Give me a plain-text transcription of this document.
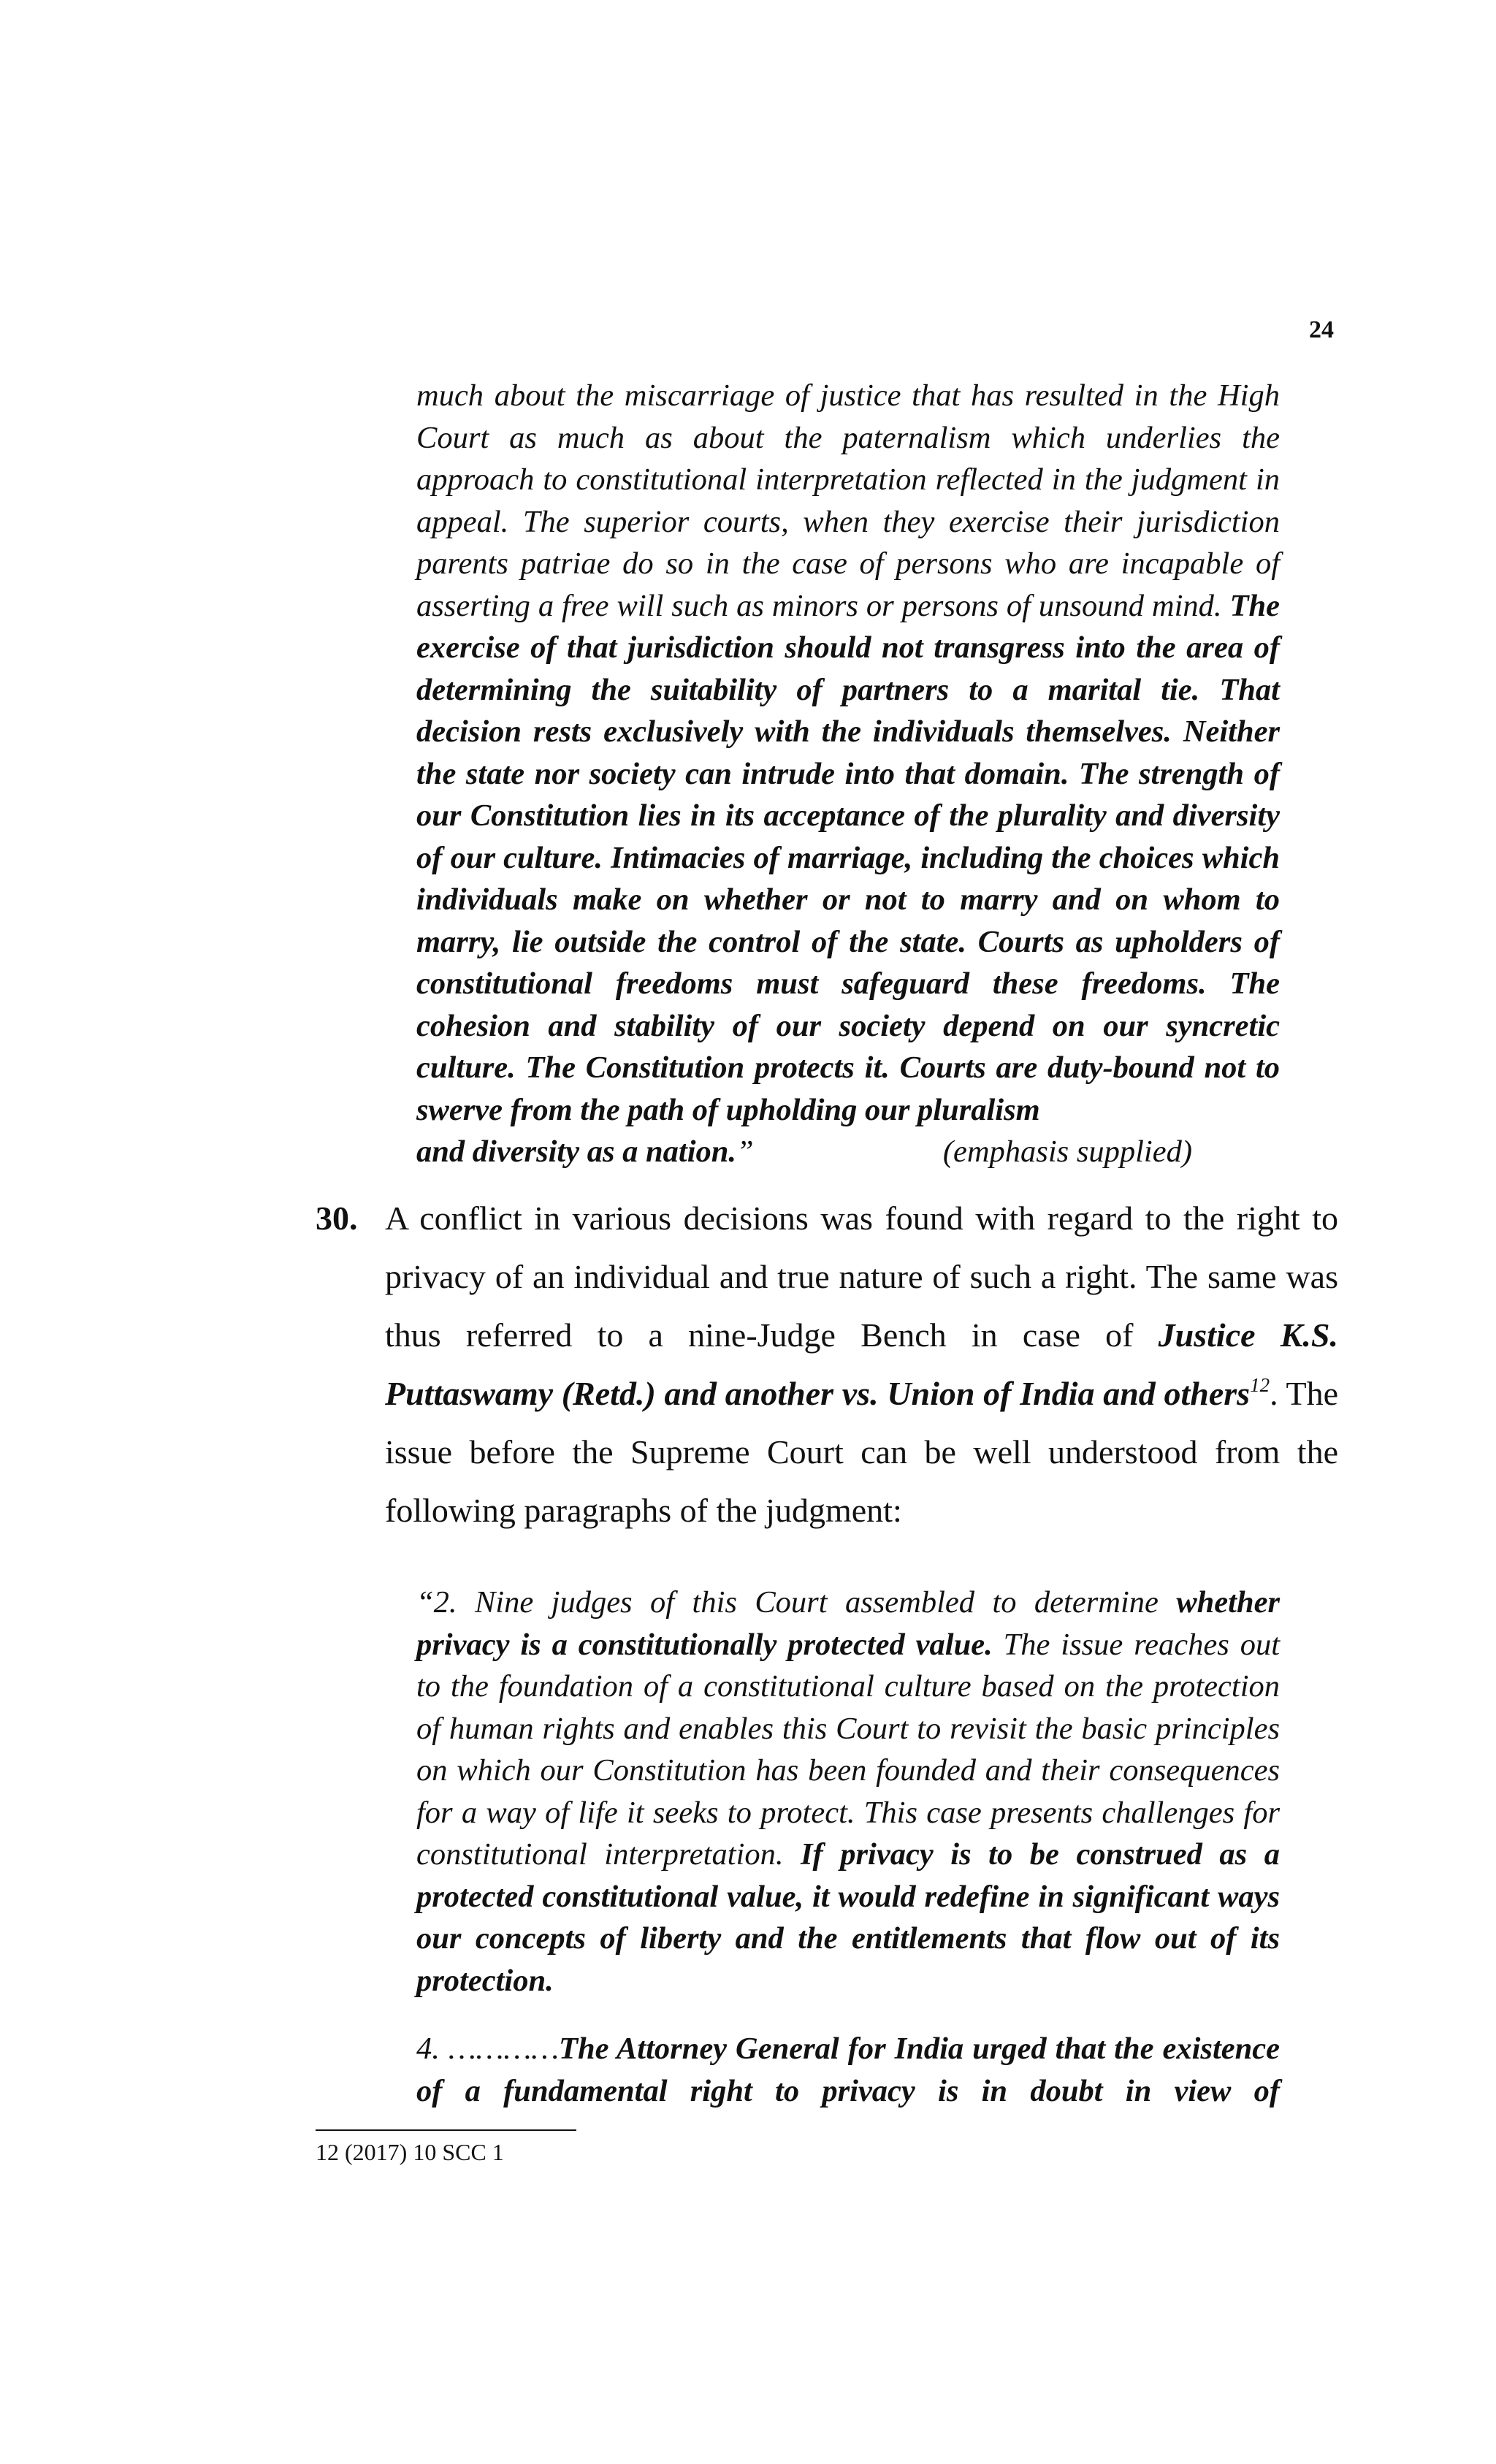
24
much about the miscarriage of justice that has resulted in the High Court as much as about the paternalism which underlies the approach to constitutional interpretation reflected in the judgment in appeal. The superior courts, when they exercise their jurisdiction parents patriae do so in the case of persons who are incapable of asserting a free will such as minors or persons of unsound mind. The exercise of that jurisdiction should not transgress into the area of determining the suitability of partners to a marital tie. That decision rests exclusively with the individuals themselves. Neither the state nor society can intrude into that domain. The strength of our Constitution lies in its acceptance of the plurality and diversity of our culture. Intimacies of marriage, including the choices which individuals make on whether or not to marry and on whom to marry, lie outside the control of the state. Courts as upholders of constitutional freedoms must safeguard these freedoms. The cohesion and stability of our society depend on our syncretic culture. The Constitution protects it. Courts are duty-bound not to swerve from the path of upholding our pluralism
and diversity as a nation.”	(emphasis supplied)
30. A conflict in various decisions was found with regard to the right to privacy of an individual and true nature of such a right. The same was thus referred to a nine-Judge Bench in case of Justice K.S. Puttaswamy (Retd.) and another vs. Union of India and others$^{12}$. The issue before the Supreme Court can be well understood from the following paragraphs of the judgment:
“2. Nine judges of this Court assembled to determine whether privacy is a constitutionally protected value. The issue reaches out to the foundation of a constitutional culture based on the protection of human rights and enables this Court to revisit the basic principles on which our Constitution has been founded and their consequences for a way of life it seeks to protect. This case presents challenges for constitutional interpretation. If privacy is to be construed as a protected constitutional value, it would redefine in significant ways our concepts of liberty and the entitlements that flow out of its protection.
4. …………The Attorney General for India urged that the existence of a fundamental right to privacy is in doubt in view of
12 (2017) 10 SCC 1
